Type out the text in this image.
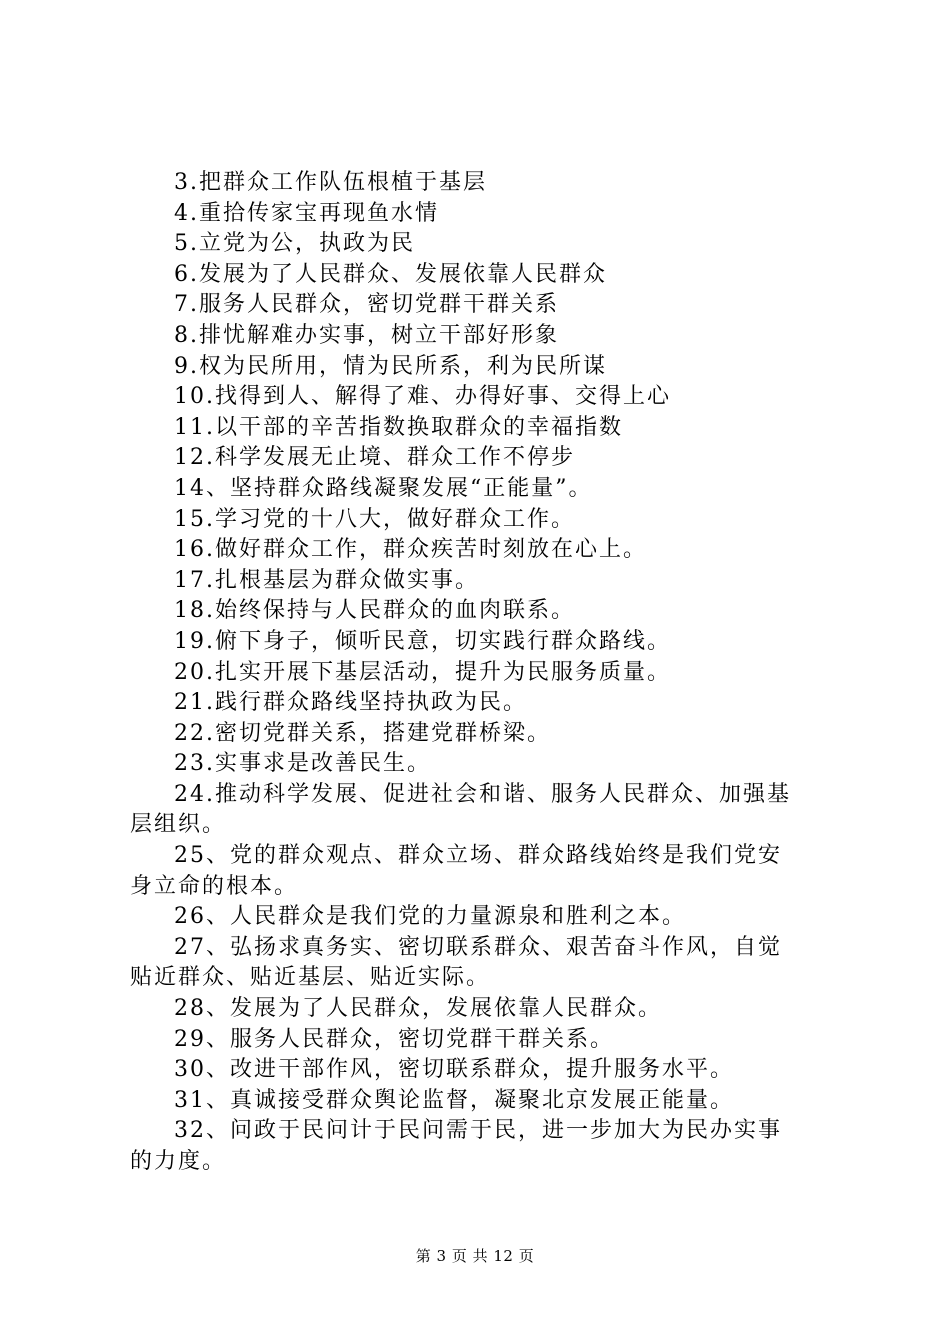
3.把群众工作队伍根植于基层
4.重拾传家宝再现鱼水情
5.立党为公，执政为民
6.发展为了人民群众、发展依靠人民群众
7.服务人民群众，密切党群干群关系
8.排忧解难办实事，树立干部好形象
9.权为民所用，情为民所系，利为民所谋
10.找得到人、解得了难、办得好事、交得上心
11.以干部的辛苦指数换取群众的幸福指数
12.科学发展无止境、群众工作不停步
14、坚持群众路线凝聚发展“正能量”。
15.学习党的十八大，做好群众工作。
16.做好群众工作，群众疾苦时刻放在心上。
17.扎根基层为群众做实事。
18.始终保持与人民群众的血肉联系。
19.俯下身子，倾听民意，切实践行群众路线。
20.扎实开展下基层活动，提升为民服务质量。
21.践行群众路线坚持执政为民。
22.密切党群关系，搭建党群桥梁。
23.实事求是改善民生。
24.推动科学发展、促进社会和谐、服务人民群众、加强基
层组织。
25、党的群众观点、群众立场、群众路线始终是我们党安
身立命的根本。
26、人民群众是我们党的力量源泉和胜利之本。
27、弘扬求真务实、密切联系群众、艰苦奋斗作风，自觉
贴近群众、贴近基层、贴近实际。
28、发展为了人民群众，发展依靠人民群众。
29、服务人民群众，密切党群干群关系。
30、改进干部作风，密切联系群众，提升服务水平。
31、真诚接受群众舆论监督，凝聚北京发展正能量。
32、问政于民问计于民问需于民，进一步加大为民办实事
的力度。
第 3 页 共 12 页
